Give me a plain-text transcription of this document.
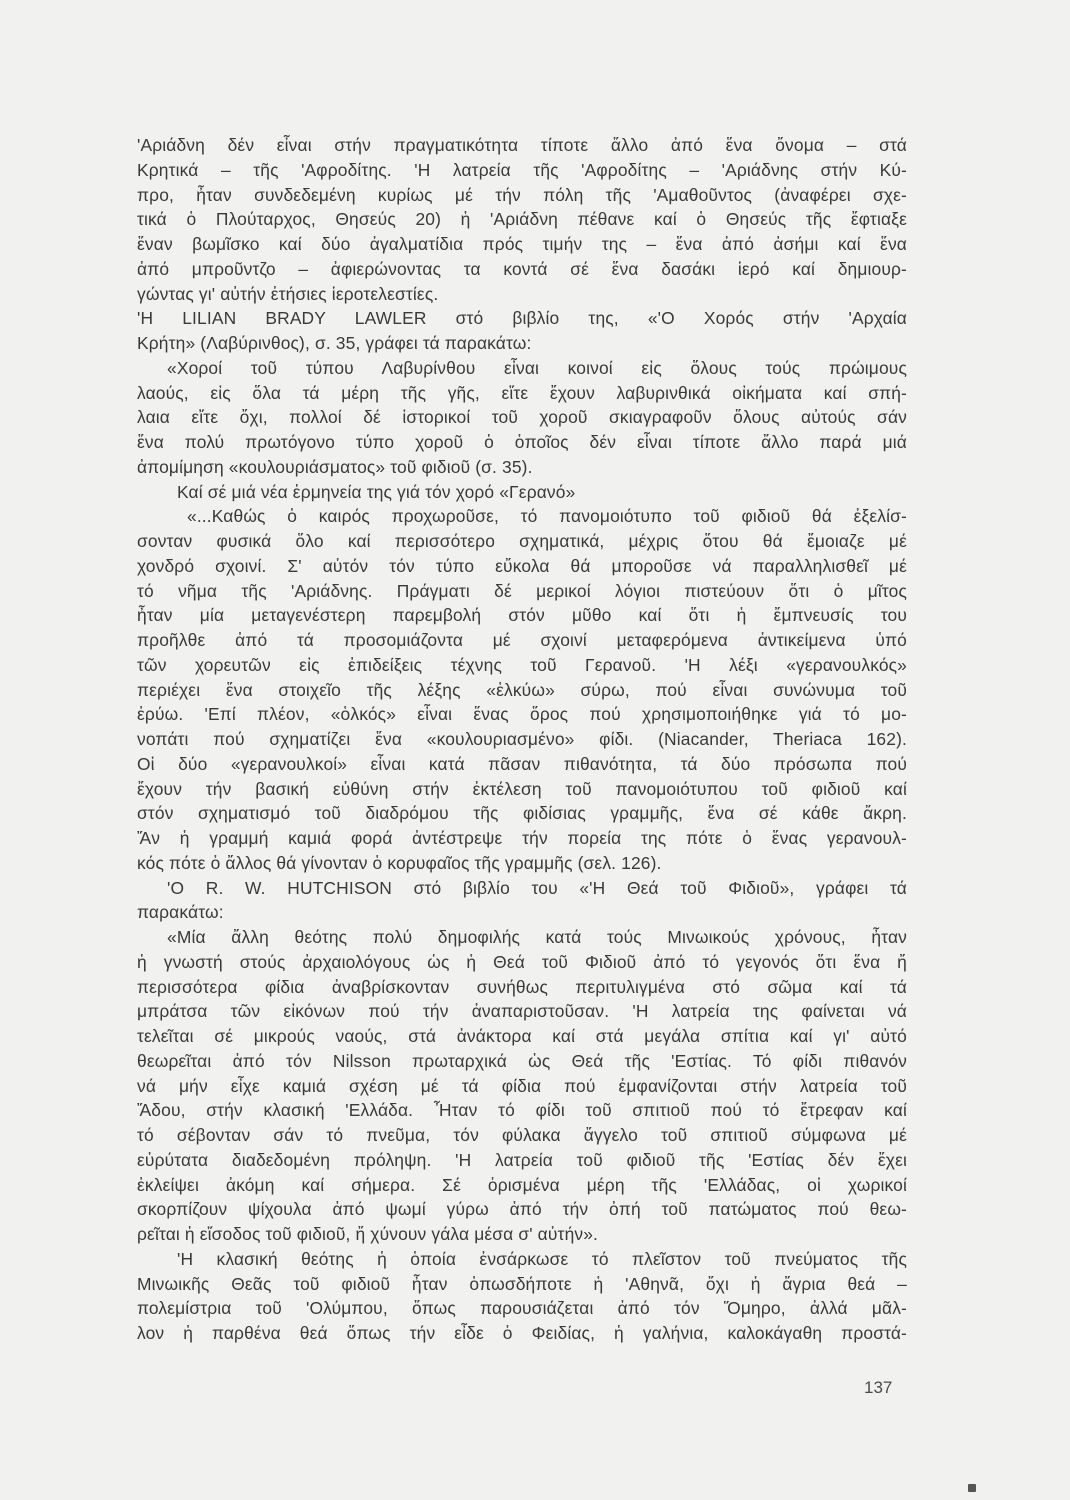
'Αριάδνη δέν εἶναι στήν πραγματικότητα τίποτε ἄλλο ἀπό ἕνα ὄνομα – στά
Κρητικά – τῆς 'Αφροδίτης. 'Η λατρεία τῆς 'Αφροδίτης – 'Αριάδνης στήν Κύ-
προ, ἦταν συνδεδεμένη κυρίως μέ τήν πόλη τῆς 'Αμαθοῦντος (ἀναφέρει σχε-
τικά ὁ Πλούταρχος, Θησεύς 20) ἡ 'Αριάδνη πέθανε καί ὁ Θησεύς τῆς ἔφτιαξε
ἕναν βωμῖσκο καί δύο ἀγαλματίδια πρός τιμήν της – ἕνα ἀπό ἀσήμι καί ἕνα
ἀπό μπροῦντζο – ἀφιερώνοντας τα κοντά σέ ἕνα δασάκι ἱερό καί δημιουρ-
γώντας γι' αὐτήν ἐτήσιες ἱεροτελεστίες.
'Η LILIAN BRADY LAWLER στό βιβλίο της, «'Ο Χορός στήν 'Αρχαία
Κρήτη» (Λαβύρινθος), σ. 35, γράφει τά παρακάτω:
«Χοροί τοῦ τύπου Λαβυρίνθου εἶναι κοινοί εἰς ὅλους τούς πρώιμους
λαούς, εἰς ὅλα τά μέρη τῆς γῆς, εἴτε ἔχουν λαβυρινθικά οἰκήματα καί σπή-
λαια εἴτε ὄχι, πολλοί δέ ἱστορικοί τοῦ χοροῦ σκιαγραφοῦν ὅλους αὐτούς σάν
ἕνα πολύ πρωτόγονο τύπο χοροῦ ὁ ὁποῖος δέν εἶναι τίποτε ἄλλο παρά μιά
ἀπομίμηση «κουλουριάσματος» τοῦ φιδιοῦ (σ. 35).
Καί σέ μιά νέα ἑρμηνεία της γιά τόν χορό «Γερανό»
«...Καθώς ὁ καιρός προχωροῦσε, τό πανομοιότυπο τοῦ φιδιοῦ θά ἐξελίσ-
σονταν φυσικά ὅλο καί περισσότερο σχηματικά, μέχρις ὅτου θά ἔμοιαζε μέ
χονδρό σχοινί. Σ' αὐτόν τόν τύπο εὔκολα θά μποροῦσε νά παραλληλισθεῖ μέ
τό νῆμα τῆς 'Αριάδνης. Πράγματι δέ μερικοί λόγιοι πιστεύουν ὅτι ὁ μῖτος
ἦταν μία μεταγενέστερη παρεμβολή στόν μῦθο καί ὅτι ἡ ἔμπνευσίς του
προῆλθε ἀπό τά προσομιάζοντα μέ σχοινί μεταφερόμενα ἀντικείμενα ὑπό
τῶν χορευτῶν εἰς ἐπιδείξεις τέχνης τοῦ Γερανοῦ. 'Η λέξι «γερανουλκός»
περιέχει ἕνα στοιχεῖο τῆς λέξης «ἑλκύω» σύρω, πού εἶναι συνώνυμα τοῦ
ἐρύω. 'Επί πλέον, «ὁλκός» εἶναι ἕνας ὅρος πού χρησιμοποιήθηκε γιά τό μο-
νοπάτι πού σχηματίζει ἕνα «κουλουριασμένο» φίδι. (Niacander, Theriaca 162).
Οἱ δύο «γερανουλκοί» εἶναι κατά πᾶσαν πιθανότητα, τά δύο πρόσωπα πού
ἔχουν τήν βασική εὐθύνη στήν ἐκτέλεση τοῦ πανομοιότυπου τοῦ φιδιοῦ καί
στόν σχηματισμό τοῦ διαδρόμου τῆς φιδίσιας γραμμῆς, ἕνα σέ κάθε ἄκρη.
Ἄν ἡ γραμμή καμιά φορά ἀντέστρεψε τήν πορεία της πότε ὁ ἕνας γερανουλ-
κός πότε ὁ ἄλλος θά γίνονταν ὁ κορυφαῖος τῆς γραμμῆς (σελ. 126).
'Ο R. W. HUTCHISON στό βιβλίο του «'Η Θεά τοῦ Φιδιοῦ», γράφει τά
παρακάτω:
«Μία ἄλλη θεότης πολύ δημοφιλής κατά τούς Μινωικούς χρόνους, ἦταν
ἡ γνωστή στούς ἀρχαιολόγους ὡς ἡ Θεά τοῦ Φιδιοῦ ἀπό τό γεγονός ὅτι ἕνα ἤ
περισσότερα φίδια ἀναβρίσκονταν συνήθως περιτυλιγμένα στό σῶμα καί τά
μπράτσα τῶν εἰκόνων πού τήν ἀναπαριστοῦσαν. 'Η λατρεία της φαίνεται νά
τελεῖται σέ μικρούς ναούς, στά ἀνάκτορα καί στά μεγάλα σπίτια καί γι' αὐτό
θεωρεῖται ἀπό τόν Nilsson πρωταρχικά ὡς Θεά τῆς 'Εστίας. Τό φίδι πιθανόν
νά μήν εἶχε καμιά σχέση μέ τά φίδια πού ἐμφανίζονται στήν λατρεία τοῦ
Ἄδου, στήν κλασική 'Ελλάδα. Ἦταν τό φίδι τοῦ σπιτιοῦ πού τό ἔτρεφαν καί
τό σέβονταν σάν τό πνεῦμα, τόν φύλακα ἄγγελο τοῦ σπιτιοῦ σύμφωνα μέ
εὐρύτατα διαδεδομένη πρόληψη. 'Η λατρεία τοῦ φιδιοῦ τῆς 'Εστίας δέν ἔχει
ἐκλείψει ἀκόμη καί σήμερα. Σέ ὁρισμένα μέρη τῆς 'Ελλάδας, οἱ χωρικοί
σκορπίζουν ψίχουλα ἀπό ψωμί γύρω ἀπό τήν ὀπή τοῦ πατώματος πού θεω-
ρεῖται ἡ εἴσοδος τοῦ φιδιοῦ, ἤ χύνουν γάλα μέσα σ' αὐτήν».
'Η κλασική θεότης ἡ ὁποία ἐνσάρκωσε τό πλεῖστον τοῦ πνεύματος τῆς
Μινωικῆς Θεᾶς τοῦ φιδιοῦ ἦταν ὁπωσδήποτε ἡ 'Αθηνᾶ, ὄχι ἡ ἄγρια θεά –
πολεμίστρια τοῦ 'Ολύμπου, ὅπως παρουσιάζεται ἀπό τόν Ὅμηρο, ἀλλά μᾶλ-
λον ἡ παρθένα θεά ὅπως τήν εἶδε ὁ Φειδίας, ἡ γαλήνια, καλοκάγαθη προστά-
137
